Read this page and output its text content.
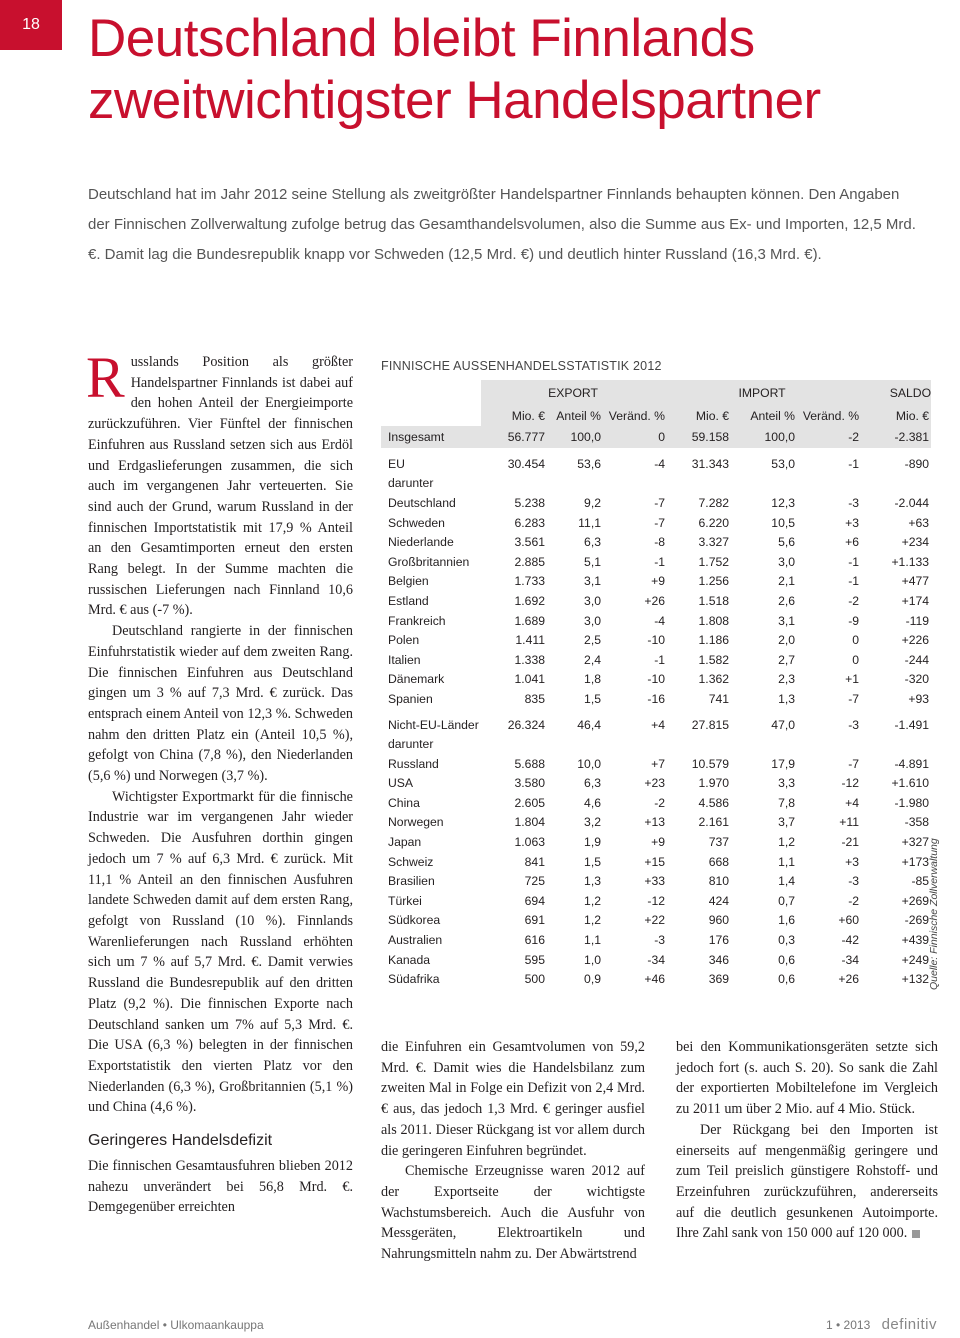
18 Deutschland bleibt Finnlands
zweitwichtigster Handelspartner

Deutschland hat im Jahr 2012 seine Stellung als zweitgrößter Handelspartner Finnlands behaupten können. Den Angaben der Finnischen Zollverwaltung zufolge betrug das Gesamthandelsvolumen, also die Summe aus Ex- und Importen, 12,5 Mrd. €. Damit lag die Bundesrepublik knapp vor Schweden (12,5 Mrd. €) und deutlich hinter Russland (16,3 Mrd. €).

Russlands Position als größter Handelspartner Finnlands ist dabei auf den hohen Anteil der Energieimporte zurückzuführen. Vier Fünftel der finnischen Einfuhren aus Russland setzen sich aus Erdöl und Erdgaslieferungen zusammen, die sich auch im vergangenen Jahr verteuerten. Sie sind auch der Grund, warum Russland in der finnischen Importstatistik mit 17,9 % Anteil an den Gesamtimporten erneut den ersten Rang belegt. In der Summe machten die russischen Lieferungen nach Finnland 10,6 Mrd. € aus (-7 %).

Deutschland rangierte in der finnischen Einfuhrstatistik wieder auf dem zweiten Rang. Die finnischen Einfuhren aus Deutschland gingen um 3 % auf 7,3 Mrd. € zurück. Das entsprach einem Anteil von 12,3 %. Schweden nahm den dritten Platz ein (Anteil 10,5 %), gefolgt von China (7,8 %), den Niederlanden (5,6 %) und Norwegen (3,7 %).

Wichtigster Exportmarkt für die finnische Industrie war im vergangenen Jahr wieder Schweden. Die Ausfuhren dorthin gingen jedoch um 7 % auf 6,3 Mrd. € zurück. Mit 11,1 % Anteil an den finnischen Ausfuhren landete Schweden damit auf dem ersten Rang, gefolgt von Russland (10 %). Finnlands Warenlieferungen nach Russland erhöhten sich um 7 % auf 5,7 Mrd. €. Damit verwies Russland die Bundesrepublik auf den dritten Platz (9,2 %). Die finnischen Exporte nach Deutschland sanken um 7% auf 5,3 Mrd. €. Die USA (6,3 %) belegten in der finnischen Exportstatistik den vierten Platz vor den Niederlanden (6,3 %), Großbritannien (5,1 %) und China (4,6 %).

Geringeres Handelsdefizit

Die finnischen Gesamtausfuhren blieben 2012 nahezu unverändert bei 56,8 Mrd. €. Demgegenüber erreichten

FINNISCHE AUSSENHANDELSSTATISTIK 2012
	EXPORT			IMPORT			SALDO
	Mio. €	Anteil %	Veränd. %	Mio. €	Anteil %	Veränd. %	Mio. €
Insgesamt	56.777	100,0	0	59.158	100,0	-2	-2.381

EU	30.454	53,6	-4	31.343	53,0	-1	-890
darunter							
Deutschland	5.238	9,2	-7	7.282	12,3	-3	-2.044
Schweden	6.283	11,1	-7	6.220	10,5	+3	+63
Niederlande	3.561	6,3	-8	3.327	5,6	+6	+234
Großbritannien	2.885	5,1	-1	1.752	3,0	-1	+1.133
Belgien	1.733	3,1	+9	1.256	2,1	-1	+477
Estland	1.692	3,0	+26	1.518	2,6	-2	+174
Frankreich	1.689	3,0	-4	1.808	3,1	-9	-119
Polen	1.411	2,5	-10	1.186	2,0	0	+226
Italien	1.338	2,4	-1	1.582	2,7	0	-244
Dänemark	1.041	1,8	-10	1.362	2,3	+1	-320
Spanien	835	1,5	-16	741	1,3	-7	+93

Nicht-EU-Länder	26.324	46,4	+4	27.815	47,0	-3	-1.491
darunter							
Russland	5.688	10,0	+7	10.579	17,9	-7	-4.891
USA	3.580	6,3	+23	1.970	3,3	-12	+1.610
China	2.605	4,6	-2	4.586	7,8	+4	-1.980
Norwegen	1.804	3,2	+13	2.161	3,7	+11	-358
Japan	1.063	1,9	+9	737	1,2	-21	+327
Schweiz	841	1,5	+15	668	1,1	+3	+173
Brasilien	725	1,3	+33	810	1,4	-3	-85
Türkei	694	1,2	-12	424	0,7	-2	+269
Südkorea	691	1,2	+22	960	1,6	+60	-269
Australien	616	1,1	-3	176	0,3	-42	+439
Kanada	595	1,0	-34	346	0,6	-34	+249
Südafrika	500	0,9	+46	369	0,6	+26	+132
Quelle: Finnische Zollverwaltung

die Einfuhren ein Gesamtvolumen von 59,2 Mrd. €. Damit wies die Handelsbilanz zum zweiten Mal in Folge ein Defizit von 2,4 Mrd. € aus, das jedoch 1,3 Mrd. € geringer ausfiel als 2011. Dieser Rückgang ist vor allem durch die geringeren Einfuhren begründet.

Chemische Erzeugnisse waren 2012 auf der Exportseite der wichtigste Wachstumsbereich. Auch die Ausfuhr von Messgeräten, Elektroartikeln und Nahrungsmitteln nahm zu. Der Abwärtstrend

bei den Kommunikationsgeräten setzte sich jedoch fort (s. auch S. 20). So sank die Zahl der exportierten Mobiltelefone im Vergleich zu 2011 um über 2 Mio. auf 4 Mio. Stück.

Der Rückgang bei den Importen ist einerseits auf mengenmäßig geringere und zum Teil preislich günstigere Rohstoff- und Erzeinfuhren zurückzuführen, andererseits auf die deutlich gesunkenen Autoimporte. Ihre Zahl sank von 150 000 auf 120 000.

Außenhandel • Ulkomaankauppa	1 • 2013 definitiv
